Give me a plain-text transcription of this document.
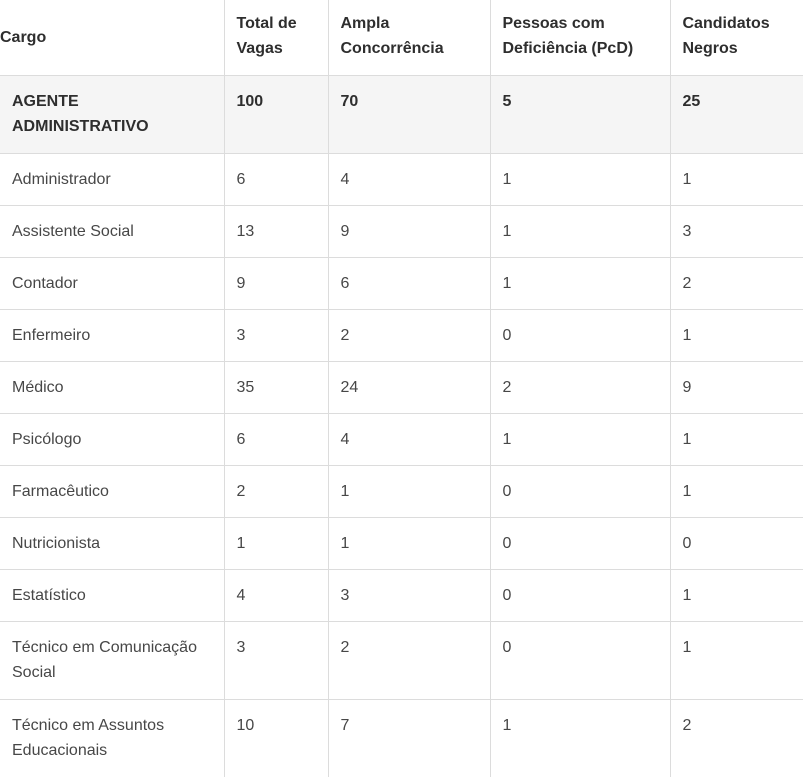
Cargo	Total de Vagas	Ampla Concorrência	Pessoas com Deficiência (PcD)	Candidatos Negros
AGENTE ADMINISTRATIVO	100	70	5	25
Administrador	6	4	1	1
Assistente Social	13	9	1	3
Contador	9	6	1	2
Enfermeiro	3	2	0	1
Médico	35	24	2	9
Psicólogo	6	4	1	1
Farmacêutico	2	1	0	1
Nutricionista	1	1	0	0
Estatístico	4	3	0	1
Técnico em Comunicação Social	3	2	0	1
Técnico em Assuntos Educacionais	10	7	1	2
